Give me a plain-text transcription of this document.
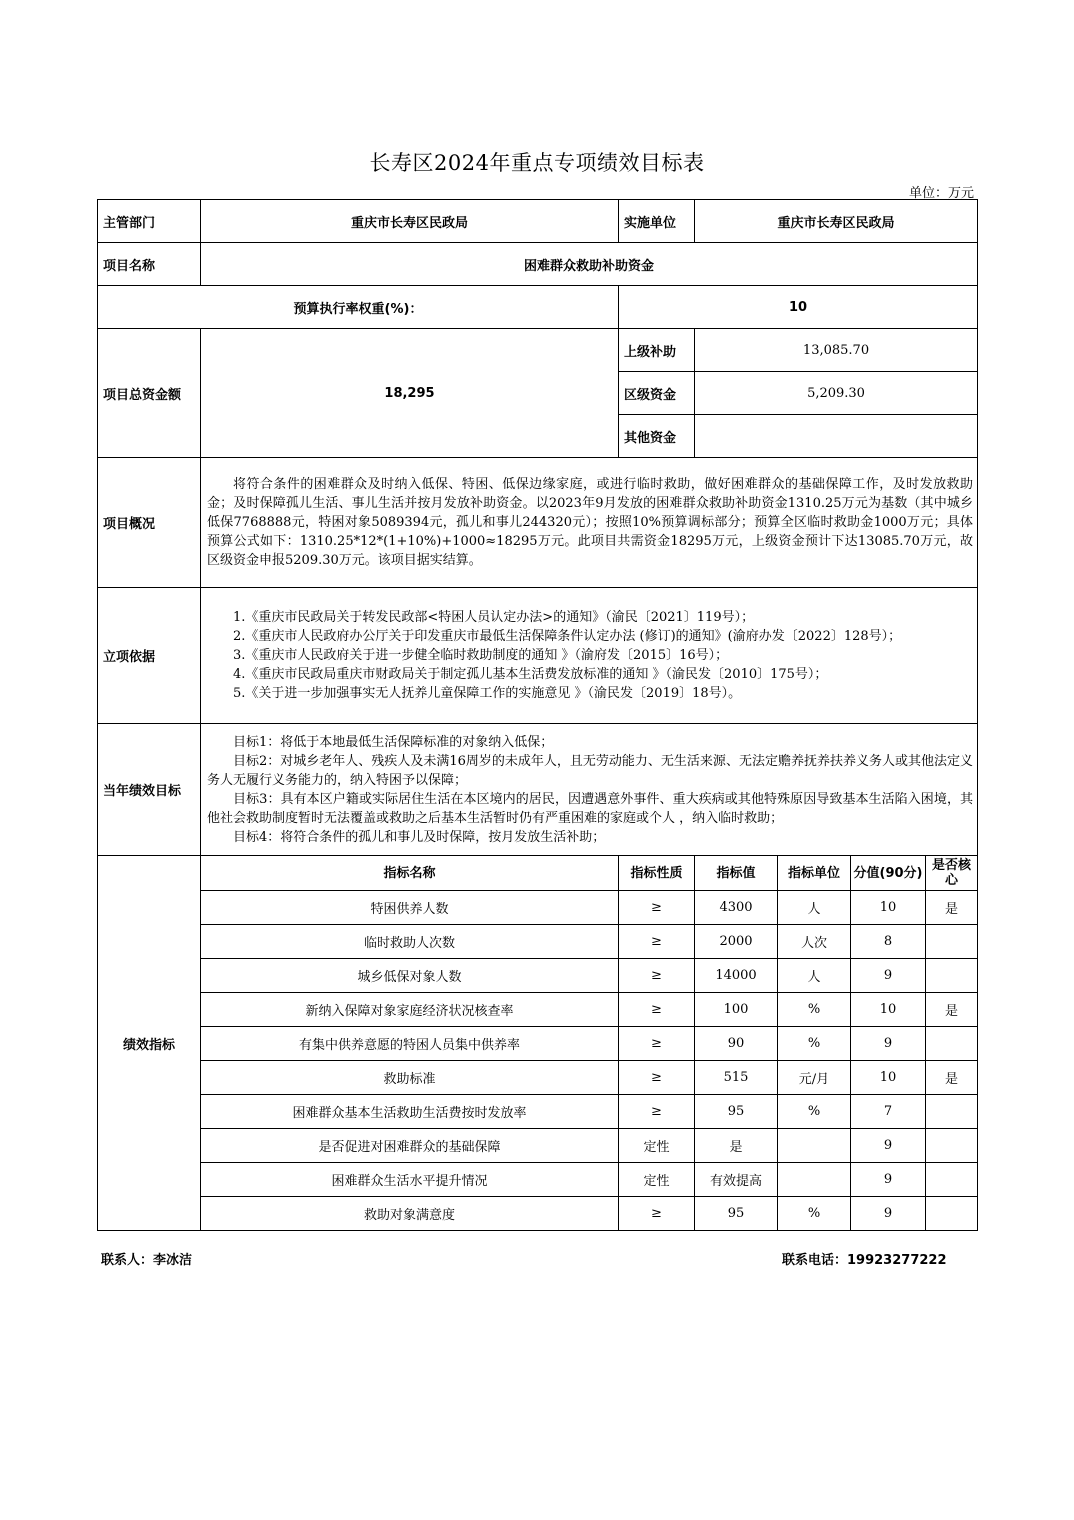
长寿区2024年重点专项绩效目标表
单位：万元
主管部门	重庆市长寿区民政局	实施单位	重庆市长寿区民政局			
项目名称	困难群众救助补助资金					
预算执行率权重(%)：		10				
项目总资金额	18,295	上级补助	13,085.70			
		区级资金	5,209.30			
		其他资金				
项目概况	将符合条件的困难群众及时纳入低保、特困、低保边缘家庭，或进行临时救助，做好困难群众的基础保障工作，及时发放救助金；及时保障孤儿生活、事儿生活并按月发放补助资金。以2023年9月发放的困难群众救助补助资金1310.25万元为基数（其中城乡低保7768888元，特困对象5089394元，孤儿和事儿244320元）；按照10%预算调标部分；预算全区临时救助金1000万元；具体预算公式如下：1310.25*12*(1+10%)+1000≈18295万元。此项目共需资金18295万元，上级资金预计下达13085.70万元，故区级资金申报5209.30万元。该项目据实结算。					

立项依据	1.《重庆市民政局关于转发民政部<特困人员认定办法>的通知》（渝民〔2021〕119号）；

2.《重庆市人民政府办公厅关于印发重庆市最低生活保障条件认定办法 (修订)的通知》(渝府办发〔2022〕128号）；

3.《重庆市人民政府关于进一步健全临时救助制度的通知 》（渝府发〔2015〕16号）；

4.《重庆市民政局重庆市财政局关于制定孤儿基本生活费发放标准的通知 》（渝民发〔2010〕175号）；

5.《关于进一步加强事实无人抚养儿童保障工作的实施意见 》（渝民发〔2019〕18号）。					

当年绩效目标	目标1：将低于本地最低生活保障标准的对象纳入低保；

目标2：对城乡老年人、残疾人及未满16周岁的未成年人，且无劳动能力、无生活来源、无法定赡养抚养扶养义务人或其他法定义务人无履行义务能力的，纳入特困予以保障；

目标3：具有本区户籍或实际居住生活在本区境内的居民，因遭遇意外事件、重大疾病或其他特殊原因导致基本生活陷入困境，其他社会救助制度暂时无法覆盖或救助之后基本生活暂时仍有严重困难的家庭或个人 ，纳入临时救助；

目标4：将符合条件的孤儿和事儿及时保障，按月发放生活补助；					

绩效指标	指标名称	指标性质	指标值	指标单位	分值(90分)	是否核心
	特困供养人数	≥	4300	人	10	是
	临时救助人次数	≥	2000	人次	8	
	城乡低保对象人数	≥	14000	人	9	
	新纳入保障对象家庭经济状况核查率	≥	100	%	10	是
	有集中供养意愿的特困人员集中供养率	≥	90	%	9	
	救助标准	≥	515	元/月	10	是
	困难群众基本生活救助生活费按时发放率	≥	95	%	7	
	是否促进对困难群众的基础保障	定性	是		9	
	困难群众生活水平提升情况	定性	有效提高		9	
	救助对象满意度	≥	95	%	9	
联系人：李冰洁	联系电话：19923277222
